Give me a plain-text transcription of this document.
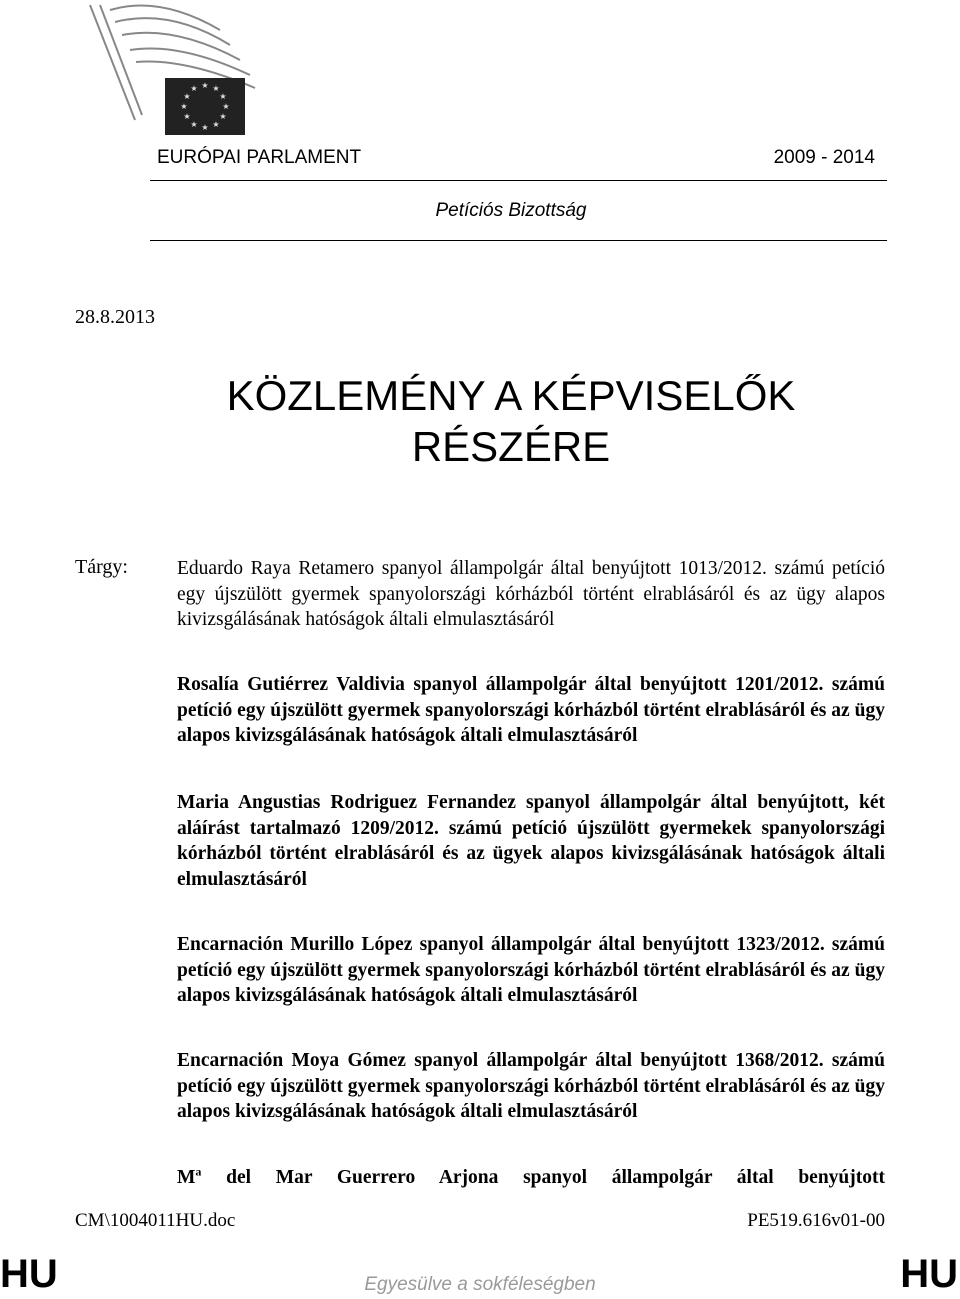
★ ★
★
★
★
★
★
★
★
★
★
★
EURÓPAI PARLAMENT	2009 - 2014
Petíciós Bizottság
28.8.2013
KÖZLEMÉNY A KÉPVISELŐK
RÉSZÉRE
Tárgy:	Eduardo Raya Retamero spanyol állampolgár által benyújtott 1013/2012. számú petíció egy újszülött gyermek spanyolországi kórházból történt elrablásáról és az ügy alapos kivizsgálásának hatóságok általi elmulasztásáról
Rosalía Gutiérrez Valdivia spanyol állampolgár által benyújtott 1201/2012. számú petíció egy újszülött gyermek spanyolországi kórházból történt elrablásáról és az ügy alapos kivizsgálásának hatóságok általi elmulasztásáról
Maria Angustias Rodriguez Fernandez spanyol állampolgár által benyújtott, két aláírást tartalmazó 1209/2012. számú petíció újszülött gyermekek spanyolországi kórházból történt elrablásáról és az ügyek alapos kivizsgálásának hatóságok általi elmulasztásáról
Encarnación Murillo López spanyol állampolgár által benyújtott 1323/2012. számú petíció egy újszülött gyermek spanyolországi kórházból történt elrablásáról és az ügy alapos kivizsgálásának hatóságok általi elmulasztásáról
Encarnación Moya Gómez spanyol állampolgár által benyújtott 1368/2012. számú petíció egy újszülött gyermek spanyolországi kórházból történt elrablásáról és az ügy alapos kivizsgálásának hatóságok általi elmulasztásáról
$M^a$ del Mar Guerrero Arjona spanyol állampolgár által benyújtott
CM\1004011HU.doc	PE519.616v01-00
HU	Egyesülve a sokféleségben	HU
